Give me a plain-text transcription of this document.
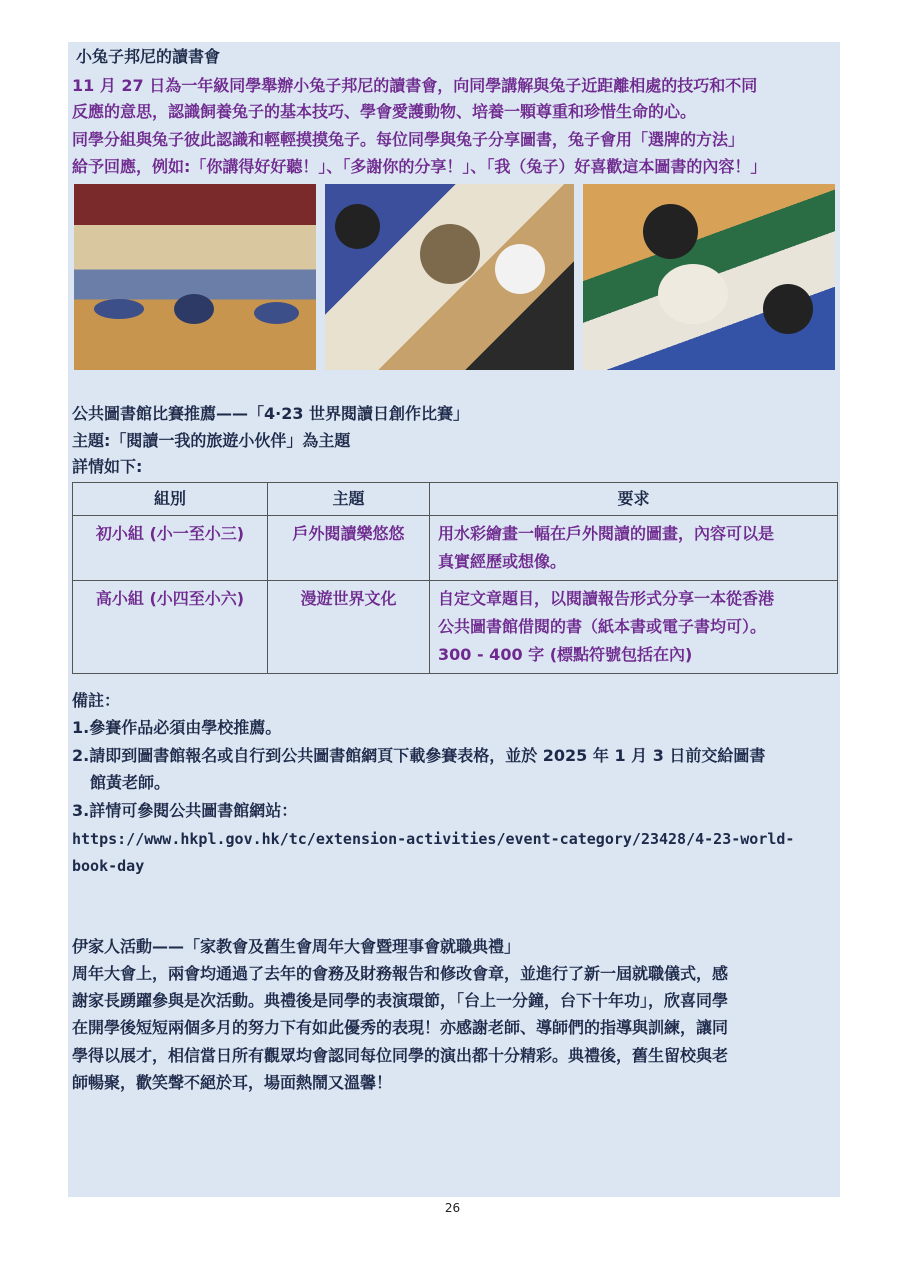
小兔子邦尼的讀書會
11 月 27 日為一年級同學舉辦小兔子邦尼的讀書會，向同學講解與兔子近距離相處的技巧和不同
反應的意思，認識飼養兔子的基本技巧、學會愛護動物、培養一顆尊重和珍惜生命的心。
同學分組與兔子彼此認識和輕輕摸摸兔子。每位同學與兔子分享圖書，兔子會用「選牌的方法」
給予回應，例如:「你講得好好聽！」、「多謝你的分享！」、「我（兔子）好喜歡這本圖書的內容！」
公共圖書館比賽推薦——「4·23 世界閱讀日創作比賽」
主題:「閱讀一我的旅遊小伙伴」為主題
詳情如下:
組別	主題	要求
初小組 (小一至小三)	戶外閱讀樂悠悠	用水彩繪畫一幅在戶外閱讀的圖畫，內容可以是
真實經歷或想像。

高小組 (小四至小六)	漫遊世界文化	自定文章題目，以閱讀報告形式分享一本從香港
公共圖書館借閱的書（紙本書或電子書均可）。
300 - 400 字 (標點符號包括在內)
備註：
1.參賽作品必須由學校推薦。
2.請即到圖書館報名或自行到公共圖書館網頁下載參賽表格，並於 2025 年 1 月 3 日前交給圖書
館黃老師。
3.詳情可參閱公共圖書館網站：
https://www.hkpl.gov.hk/tc/extension-activities/event-category/23428/4-23-world-
book-day
伊家人活動——「家教會及舊生會周年大會暨理事會就職典禮」
周年大會上，兩會均通過了去年的會務及財務報告和修改會章，並進行了新一屆就職儀式，感
謝家長踴躍參與是次活動。典禮後是同學的表演環節，「台上一分鐘，台下十年功」，欣喜同學
在開學後短短兩個多月的努力下有如此優秀的表現！亦感謝老師、導師們的指導與訓練，讓同
學得以展才，相信當日所有觀眾均會認同每位同學的演出都十分精彩。典禮後，舊生留校與老
師暢聚，歡笑聲不絕於耳，場面熱鬧又溫馨！
26
